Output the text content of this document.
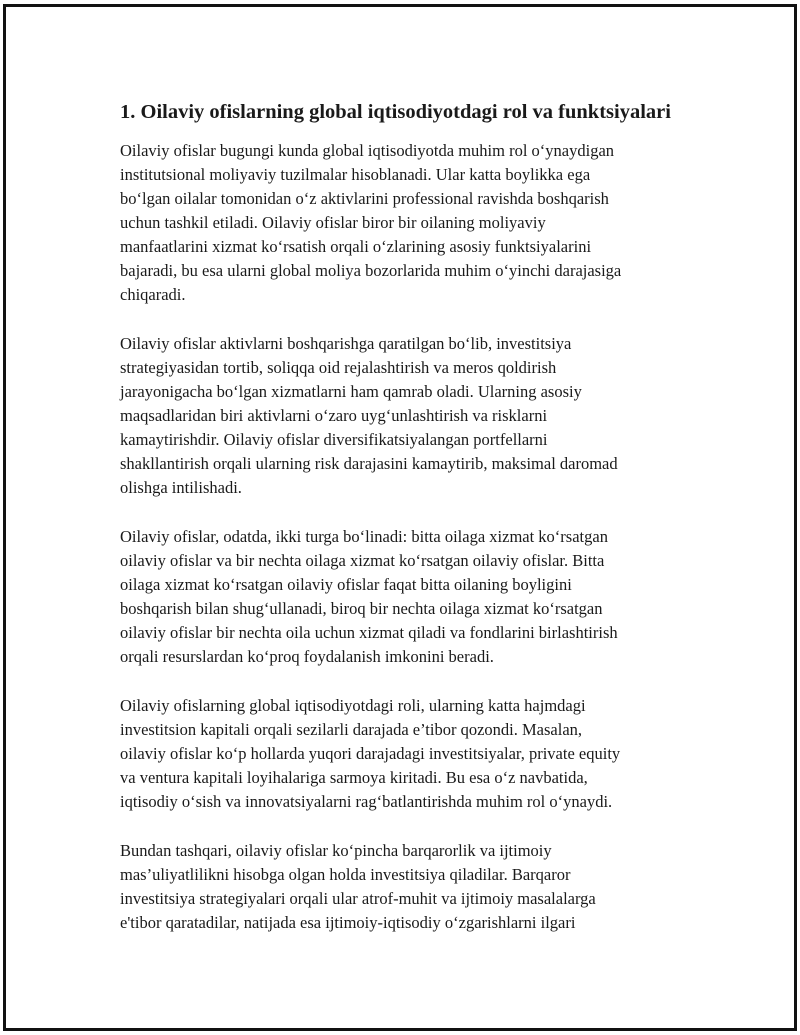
1. Oilaviy ofislarning global iqtisodiyotdagi rol va funktsiyalari

Oilaviy ofislar bugungi kunda global iqtisodiyotda muhim rol o‘ynaydigan
institutsional moliyaviy tuzilmalar hisoblanadi. Ular katta boylikka ega
bo‘lgan oilalar tomonidan o‘z aktivlarini professional ravishda boshqarish
uchun tashkil etiladi. Oilaviy ofislar biror bir oilaning moliyaviy
manfaatlarini xizmat ko‘rsatish orqali o‘zlarining asosiy funktsiyalarini
bajaradi, bu esa ularni global moliya bozorlarida muhim o‘yinchi darajasiga
chiqaradi.

Oilaviy ofislar aktivlarni boshqarishga qaratilgan bo‘lib, investitsiya
strategiyasidan tortib, soliqqa oid rejalashtirish va meros qoldirish
jarayonigacha bo‘lgan xizmatlarni ham qamrab oladi. Ularning asosiy
maqsadlaridan biri aktivlarni o‘zaro uyg‘unlashtirish va risklarni
kamaytirishdir. Oilaviy ofislar diversifikatsiyalangan portfellarni
shakllantirish orqali ularning risk darajasini kamaytirib, maksimal daromad
olishga intilishadi.

Oilaviy ofislar, odatda, ikki turga bo‘linadi: bitta oilaga xizmat ko‘rsatgan
oilaviy ofislar va bir nechta oilaga xizmat ko‘rsatgan oilaviy ofislar. Bitta
oilaga xizmat ko‘rsatgan oilaviy ofislar faqat bitta oilaning boyligini
boshqarish bilan shug‘ullanadi, biroq bir nechta oilaga xizmat ko‘rsatgan
oilaviy ofislar bir nechta oila uchun xizmat qiladi va fondlarini birlashtirish
orqali resurslardan ko‘proq foydalanish imkonini beradi.

Oilaviy ofislarning global iqtisodiyotdagi roli, ularning katta hajmdagi
investitsion kapitali orqali sezilarli darajada e’tibor qozondi. Masalan,
oilaviy ofislar ko‘p hollarda yuqori darajadagi investitsiyalar, private equity
va ventura kapitali loyihalariga sarmoya kiritadi. Bu esa o‘z navbatida,
iqtisodiy o‘sish va innovatsiyalarni rag‘batlantirishda muhim rol o‘ynaydi.

Bundan tashqari, oilaviy ofislar ko‘pincha barqarorlik va ijtimoiy
mas’uliyatlilikni hisobga olgan holda investitsiya qiladilar. Barqaror
investitsiya strategiyalari orqali ular atrof-muhit va ijtimoiy masalalarga
e'tibor qaratadilar, natijada esa ijtimoiy-iqtisodiy o‘zgarishlarni ilgari
